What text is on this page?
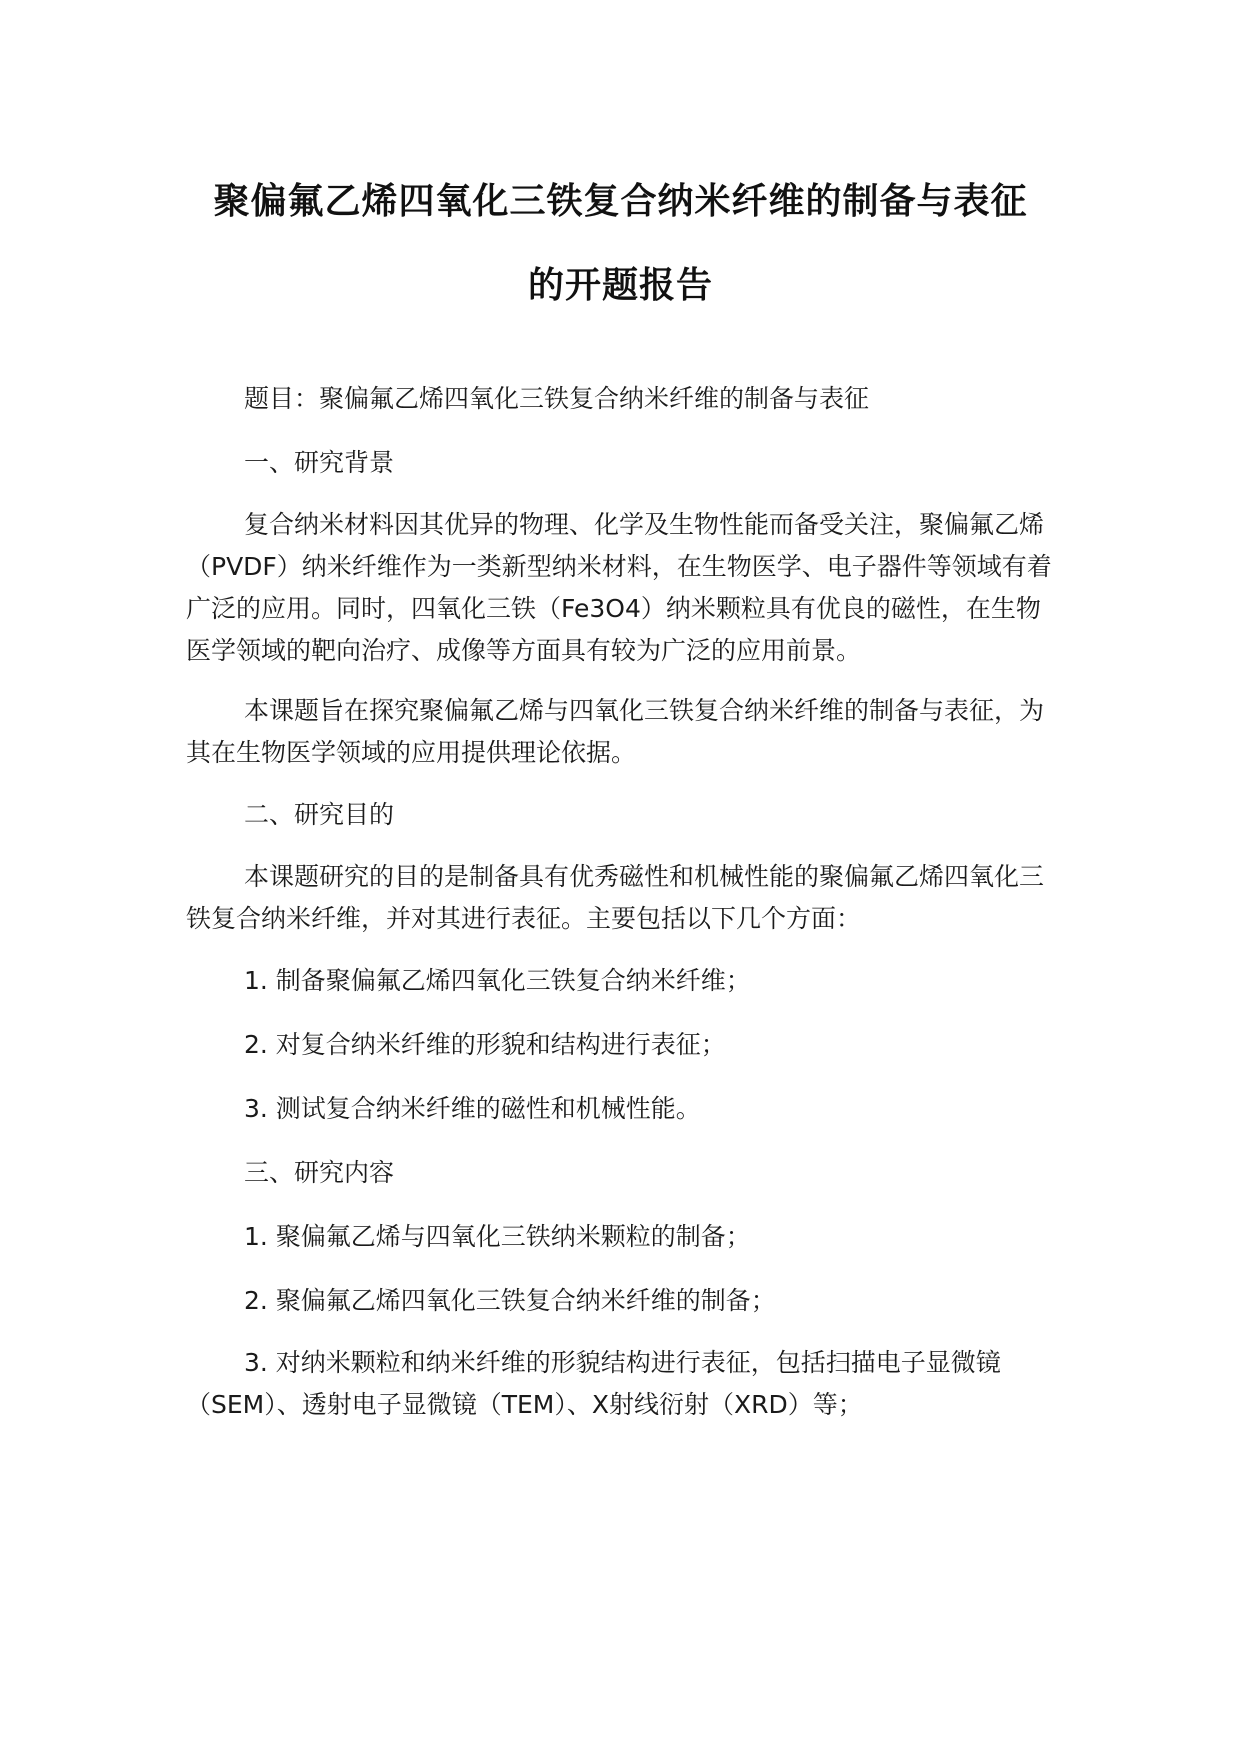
聚偏氟乙烯四氧化三铁复合纳米纤维的制备与表征
的开题报告

题目：聚偏氟乙烯四氧化三铁复合纳米纤维的制备与表征

一、研究背景

复合纳米材料因其优异的物理、化学及生物性能而备受关注，聚偏氟乙烯（PVDF）纳米纤维作为一类新型纳米材料，在生物医学、电子器件等领域有着广泛的应用。同时，四氧化三铁（Fe3O4）纳米颗粒具有优良的磁性，在生物医学领域的靶向治疗、成像等方面具有较为广泛的应用前景。

本课题旨在探究聚偏氟乙烯与四氧化三铁复合纳米纤维的制备与表征，为其在生物医学领域的应用提供理论依据。

二、研究目的

本课题研究的目的是制备具有优秀磁性和机械性能的聚偏氟乙烯四氧化三铁复合纳米纤维，并对其进行表征。主要包括以下几个方面：

1. 制备聚偏氟乙烯四氧化三铁复合纳米纤维；

2. 对复合纳米纤维的形貌和结构进行表征；

3. 测试复合纳米纤维的磁性和机械性能。

三、研究内容

1. 聚偏氟乙烯与四氧化三铁纳米颗粒的制备；

2. 聚偏氟乙烯四氧化三铁复合纳米纤维的制备；

3. 对纳米颗粒和纳米纤维的形貌结构进行表征，包括扫描电子显微镜（SEM）、透射电子显微镜（TEM）、X射线衍射（XRD）等；
